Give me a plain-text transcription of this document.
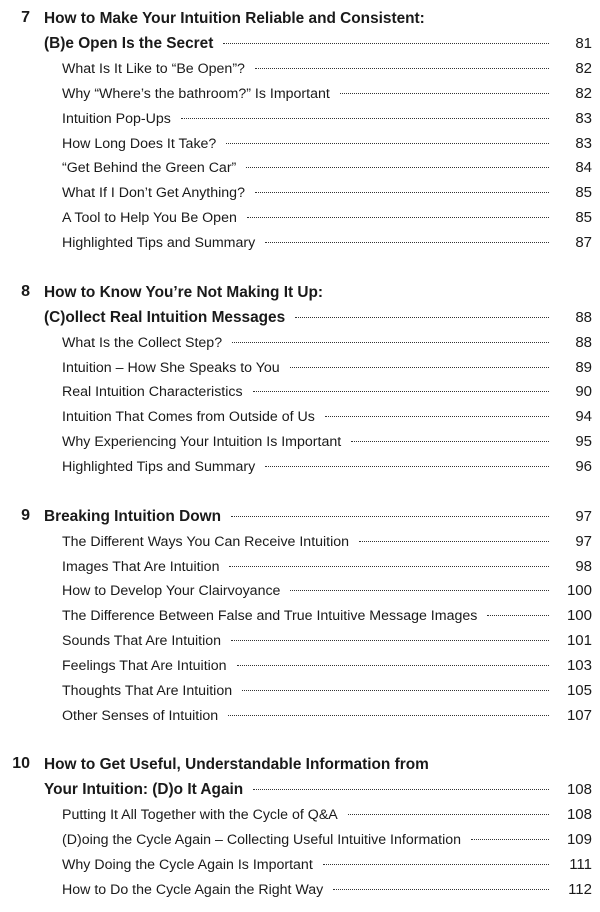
7 How to Make Your Intuition Reliable and Consistent:
(B)e Open Is the Secret	81
What Is It Like to “Be Open”?	82
Why “Where’s the bathroom?” Is Important	82
Intuition Pop-Ups	83
How Long Does It Take?	83
“Get Behind the Green Car”	84
What If I Don’t Get Anything?	85
A Tool to Help You Be Open	85
Highlighted Tips and Summary	87
8 How to Know You’re Not Making It Up:
(C)ollect Real Intuition Messages	88
What Is the Collect Step?	88
Intuition – How She Speaks to You	89
Real Intuition Characteristics	90
Intuition That Comes from Outside of Us	94
Why Experiencing Your Intuition Is Important	95
Highlighted Tips and Summary	96
9 Breaking Intuition Down	97
The Different Ways You Can Receive Intuition	97
Images That Are Intuition	98
How to Develop Your Clairvoyance	100
The Difference Between False and True Intuitive Message Images	100
Sounds That Are Intuition	101
Feelings That Are Intuition	103
Thoughts That Are Intuition	105
Other Senses of Intuition	107
10 How to Get Useful, Understandable Information from
Your Intuition: (D)o It Again	108
Putting It All Together with the Cycle of Q&A	108
(D)oing the Cycle Again – Collecting Useful Intuitive Information	109
Why Doing the Cycle Again Is Important	111
How to Do the Cycle Again the Right Way	112
